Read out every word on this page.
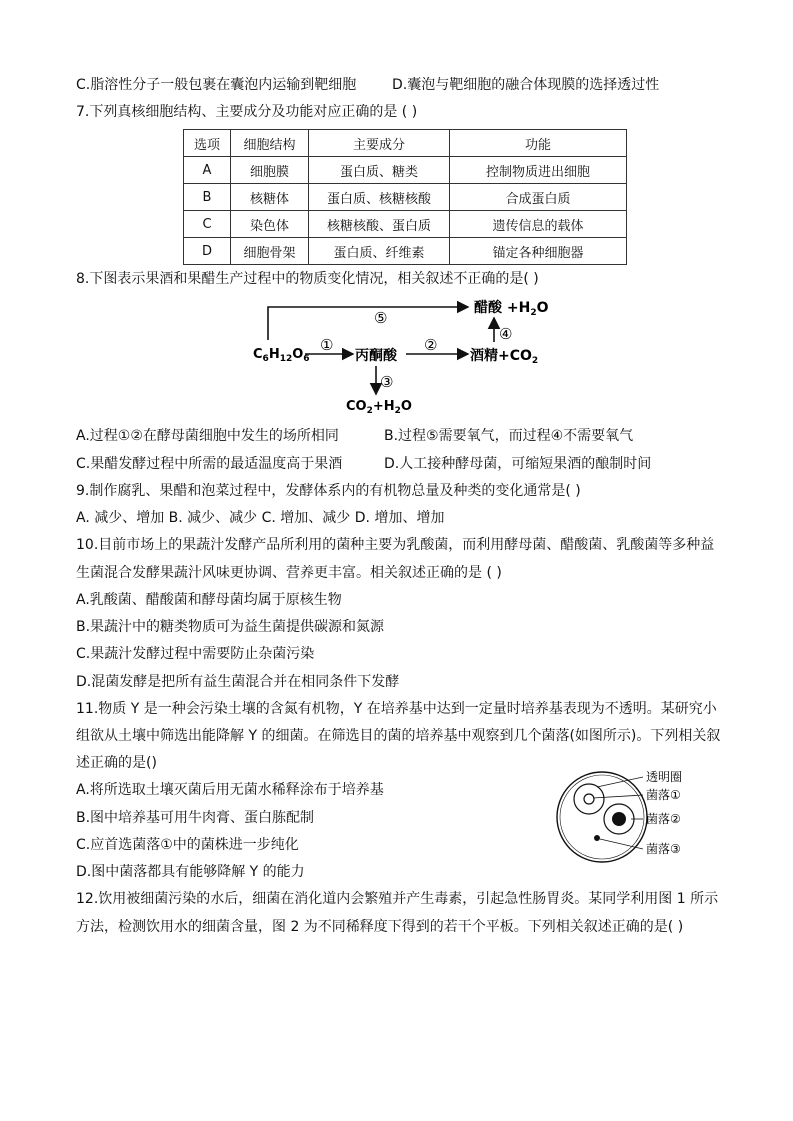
C.脂溶性分子一般包裹在囊泡内运输到靶细胞	D.囊泡与靶细胞的融合体现膜的选择透过性
7.下列真核细胞结构、主要成分及功能对应正确的是 ( )
选项	细胞结构	主要成分	功能
A	细胞膜	蛋白质、糖类	控制物质进出细胞
B	核糖体	蛋白质、核糖核酸	合成蛋白质
C	染色体	核糖核酸、蛋白质	遗传信息的载体
D	细胞骨架	蛋白质、纤维素	锚定各种细胞器
8.下图表示果酒和果醋生产过程中的物质变化情况，相关叙述不正确的是( )
⑤
$C_6H_{12}O_6$
①
丙酮酸
②
酒精$+CO_2$
④
醋酸 $+H_2O$
③
$CO_2+H_2O$
A.过程①②在酵母菌细胞中发生的场所相同	B.过程⑤需要氧气，而过程④不需要氧气
C.果醋发酵过程中所需的最适温度高于果酒	D.人工接种酵母菌，可缩短果酒的酿制时间
9.制作腐乳、果醋和泡菜过程中，发酵体系内的有机物总量及种类的变化通常是( )
A. 减少、增加 B. 减少、减少 C. 增加、减少 D. 增加、增加
10.目前市场上的果蔬汁发酵产品所利用的菌种主要为乳酸菌，而利用酵母菌、醋酸菌、乳酸菌等多种益
生菌混合发酵果蔬汁风味更协调、营养更丰富。相关叙述正确的是 ( )
A.乳酸菌、醋酸菌和酵母菌均属于原核生物
B.果蔬汁中的糖类物质可为益生菌提供碳源和氮源
C.果蔬汁发酵过程中需要防止杂菌污染
D.混菌发酵是把所有益生菌混合并在相同条件下发酵
11.物质 Y 是一种会污染土壤的含氮有机物，Y 在培养基中达到一定量时培养基表现为不透明。某研究小
组欲从土壤中筛选出能降解 Y 的细菌。在筛选目的菌的培养基中观察到几个菌落(如图所示)。下列相关叙
述正确的是()
A.将所选取土壤灭菌后用无菌水稀释涂布于培养基
B.图中培养基可用牛肉膏、蛋白胨配制
C.应首选菌落①中的菌株进一步纯化
D.图中菌落都具有能够降解 Y 的能力
透明圈
菌落①
菌落②
菌落③
12.饮用被细菌污染的水后，细菌在消化道内会繁殖并产生毒素，引起急性肠胃炎。某同学利用图 1 所示
方法，检测饮用水的细菌含量，图 2 为不同稀释度下得到的若干个平板。下列相关叙述正确的是( )
